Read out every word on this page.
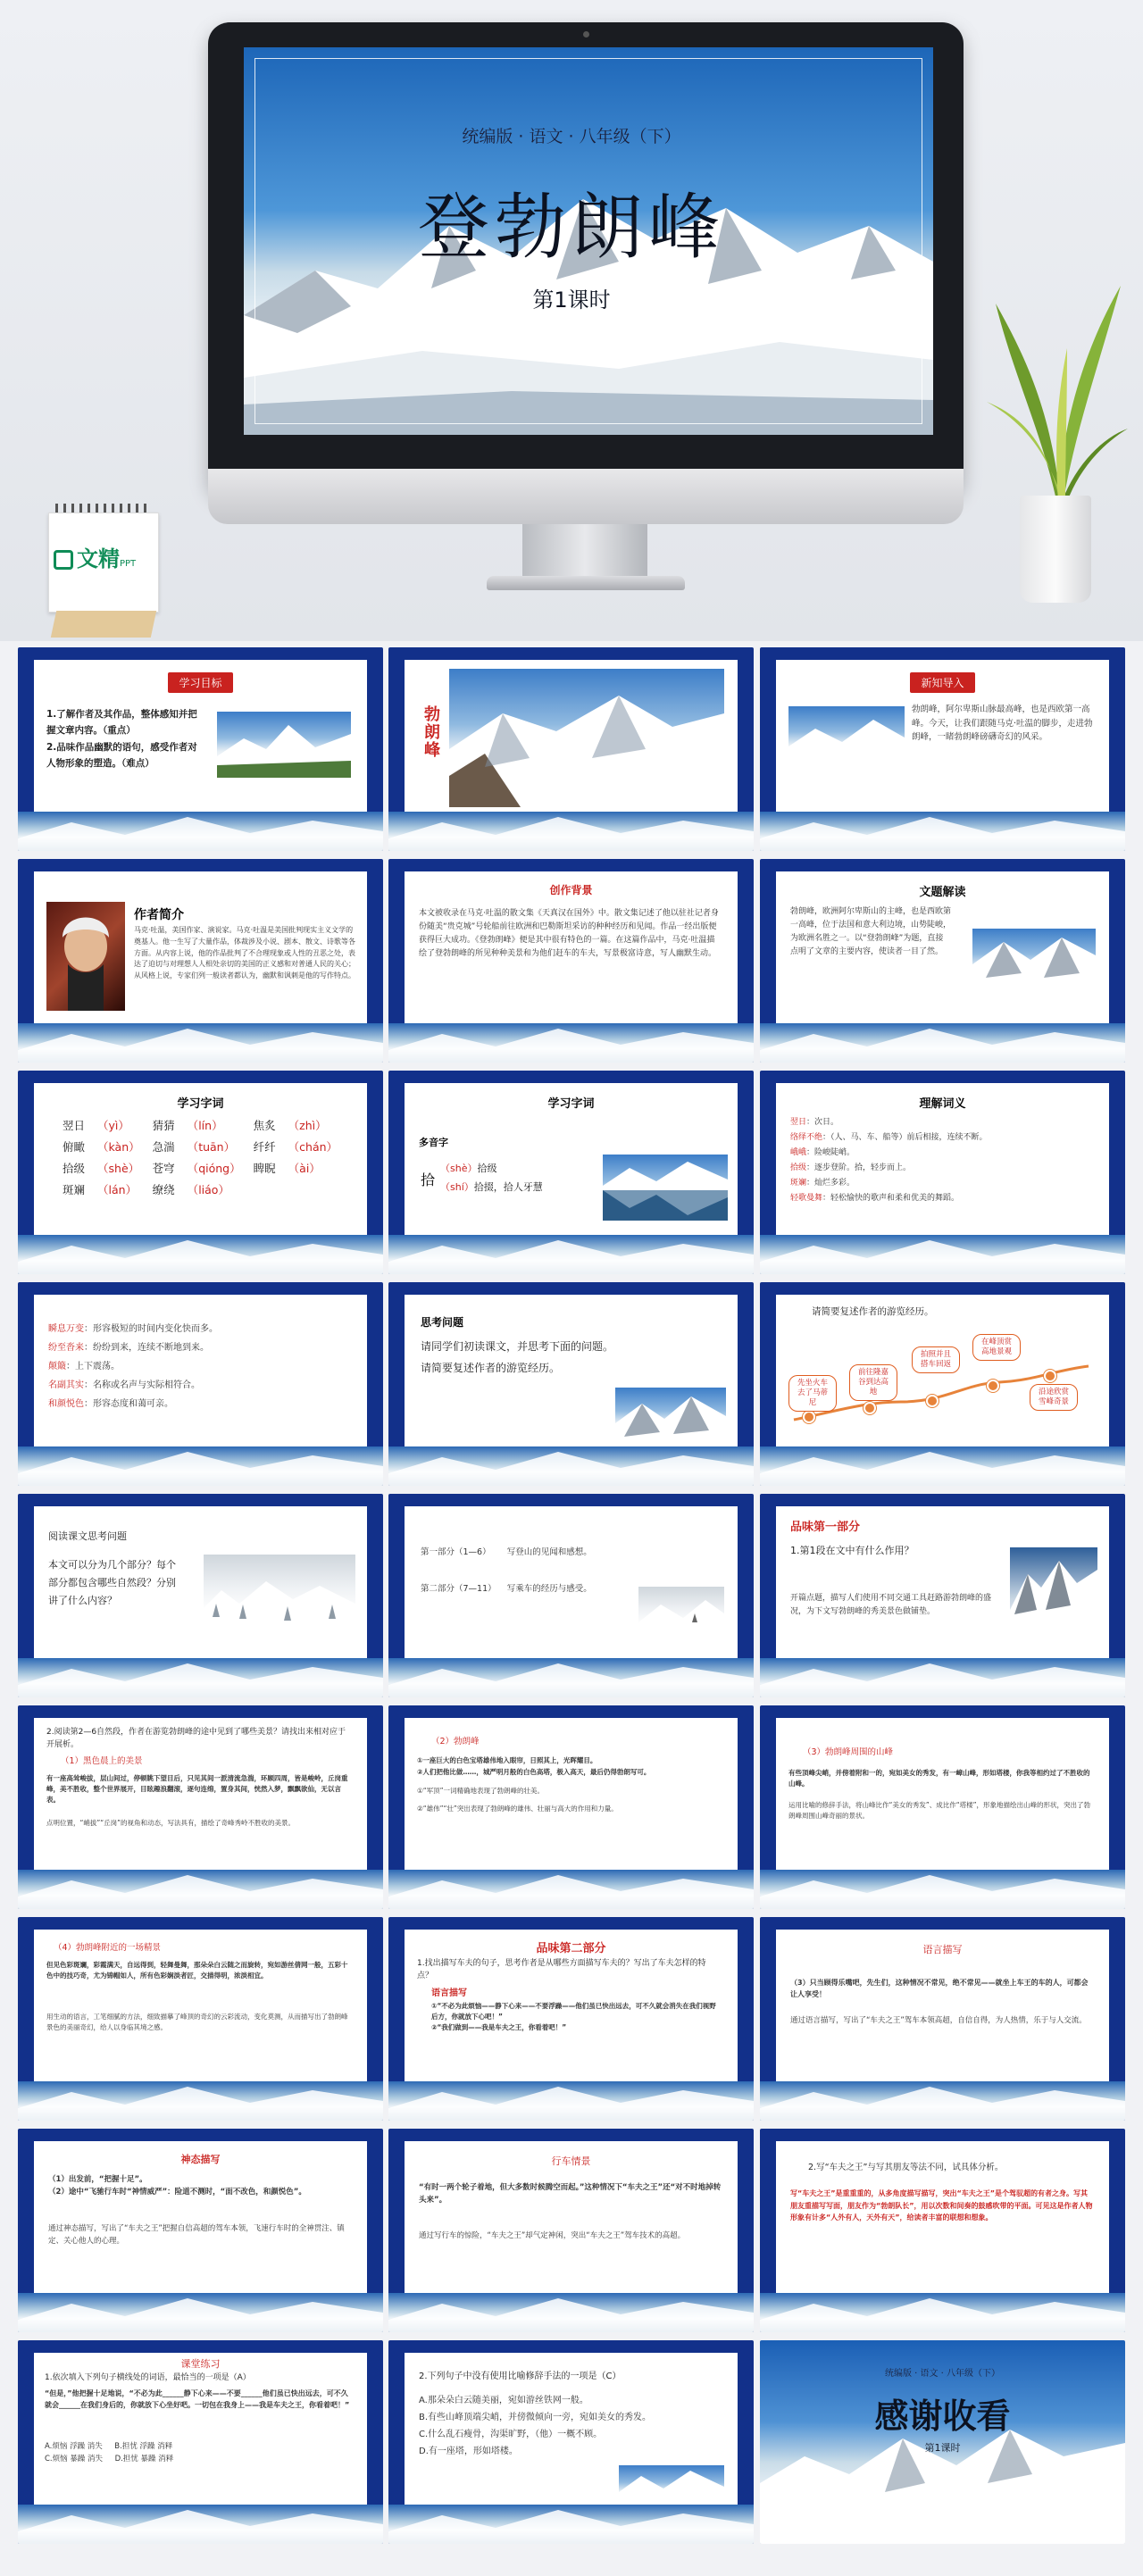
统编版 · 语文 · 八年级（下）
登勃朗峰
第1课时
文精PPT
学习目标
1.了解作者及其作品，整体感知并把握文章内容。（重点）
2.品味作品幽默的语句，感受作者对人物形象的塑造。（难点）
勃朗峰
新知导入
勃朗峰，阿尔卑斯山脉最高峰，也是西欧第一高峰。今天，让我们跟随马克·吐温的脚步，走进勃朗峰，一睹勃朗峰磅礴奇幻的风采。
作者简介
马克·吐温，美国作家、演说家。马克·吐温是美国批判现实主义文学的奠基人。他一生写了大量作品，体裁涉及小说、剧本、散文、诗歌等各方面。从内容上说，他的作品批判了不合理现象或人性的丑恶之处，表达了迫切与对理想人人相处亲切的美国的正义感和对普通人民的关心；从风格上说，专家们列一般读者都认为，幽默和讽刺是他的写作特点。
创作背景
本文被收录在马克·吐温的散文集《天真汉在国外》中。散文集记述了他以驻社记者身份随美“贵克城”号轮船前往欧洲和巴勒斯坦采访的种种经历和见闻。作品一经出版便获得巨大成功。《登勃朗峰》便是其中很有特色的一篇。在这篇作品中，马克·吐温描绘了登勃朗峰的所见种种美景和为他们赶车的车夫，写景极富诗意，写人幽默生动。
文题解读
勃朗峰，欧洲阿尔卑斯山的主峰，也是西欧第一高峰，位于法国和意大利边境，山势陡峻，为欧洲名胜之一。以“登勃朗峰”为题，直接点明了文章的主要内容，使读者一目了然。
学习字词
翌日	（yì）	猜猜	（lín）	焦炙	（zhì）
俯瞰	（kàn）	急湍	（tuān）	纤纤	（chán）
拾级	（shè）	苍穹	（qióng）	睥睨	（ài）
斑斓	（lán）	缭绕	（liáo）		
学习字词
多音字
拾
（shè）拾级
（shí）拾掇，拾人牙慧
理解词义
翌日：次日。
络绎不绝：（人、马、车、船等）前后相接，连续不断。
峨峨：险峻陡峭。
拾级：逐步登阶。拾，轻步而上。
斑斓：灿烂多彩。
轻歌曼舞：轻松愉快的歌声和柔和优美的舞蹈。
瞬息万变：形容极短的时间内变化快而多。
纷至沓来：纷纷到来，连续不断地到来。
颠簸：上下震荡。
名副其实：名称或名声与实际相符合。
和颜悦色：形容态度和蔼可亲。
思考问题
请同学们初读课文，并思考下面的问题。
请简要复述作者的游览经历。
请简要复述作者的游览经历。
先坐火车去了马蒂尼
前往隆嘉谷到达高地
拍照并且搭车回返
在峰顶赏高地景观
沿途欣赏雪峰奇景
阅读课文思考问题
本文可以分为几个部分？每个部分都包含哪些自然段？分别讲了什么内容？
第一部分（1—6） 写登山的见闻和感想。
第二部分（7—11） 写乘车的经历与感受。
品味第一部分
1.第1段在文中有什么作用？
开篇点题，描写人们使用不同交通工具赶路游勃朗峰的盛况，为下文写勃朗峰的秀美景色做铺垫。
2.阅读第2—6自然段，作者在游览勃朗峰的途中见到了哪些美景？请找出来相对应于开展析。
（1）黑色晨上的美景
有一座高耸峻拔，层山间过，停顿眺下望目后，只见其间一派清流急湍，环顾四周，皆是峻岭，丘岗重峰，美不胜收，整个世界展开，目眩趣浪翻滚，逐句连绵，置身其间，恍然入梦，飘飘欲仙，无以言表。
点明位置，“峭拔”“丘岗”的视角和动态，写法具有，描绘了奇峰秀岭不胜收的美景。
（2）勃朗峰
①一座巨大的白色宝塔雄伟地入眼帘，日照其上，光晖耀目。
②人们把他比做……，城严明月般的白色高塔，极入高天，最后仍得勃朗写可。
①“军顶”一词精确地表现了勃朗峰的壮美。
②“雄伟”“壮”突出表现了勃朗峰的雄伟、壮丽与高大的作用和力量。
（3）勃朗峰周围的山峰
有些顶峰尖峭，并傍着附和一的，宛如美女的秀发，有一嶂山峰，形如塔楼，你我等相约过了不胜收的山峰。
运用比喻的修辞手法，将山峰比作“美女的秀发”、成比作“塔楼”，形象地描绘出山峰的形状，突出了勃朗峰周围山峰奇丽的景状。
（4）勃朗峰附近的一场精景
但见色彩斑斓，彩霞满天，自远得到，轻舞曼舞，那朵朵白云随之而旋转，宛如游丝倩网一般，五彩十色中的技巧奇，尤为锦帽如人，所有色彩娴淡者匠，交描得明，浓淡相宜。
用生动的语言，工笔细腻的方法，细致描摹了峰顶的奇幻的云彩流动，变化莫测，从而描写出了勃朗峰景色的美丽奇幻，给人以身临其境之感。
品味第二部分
1.找出描写车夫的句子，思考作者是从哪些方面描写车夫的？写出了车夫怎样的特点？
语言描写
①“不必为此烦恼——静下心来——不要浮躁——他们虽已快出远去，可不久就会消失在我们视野后方，你就放下心吧！”
②“我们做到——我是车夫之王，你看着吧！”
语言描写
（3）只当顾得乐嘴吧，先生们，这种情况不常见，绝不常见——就坐上车王的车的人，可都会让人享受！
通过语言描写，写出了“车夫之王”驾车本领高超，自信自得，为人热情，乐于与人交流。
神态描写
（1）出发前，“把握十足”。
（2）途中“飞驰行车时“神情威严”：险道不测时，“面不改色，和颜悦色”。
通过神态描写，写出了“车夫之王”把握自信高超的驾车本领，飞速行车时的全神贯注、镇定、关心他人的心理。
行车情景
“有时一两个轮子着地，但大多数时候腾空而起。”这种情况下“车夫之王”还“对不时地掉转头来”。
通过写行车的惊险，“车夫之王”却气定神闲，突出“车夫之王”驾车技术的高超。
2.写“车夫之王”与写其朋友等法不同，试具体分析。
写“车夫之王”是重重重的，从多角度描写描写，突出“车夫之王”是个驾驭超的有者之身。写其朋友重描写写面，朋友作为“勃朗队长”，用以次数和间奏的鼓感吹带的平面。可见这是作者人物形象有计多“人外有人，天外有天”，给读者丰富的联想和想象。
课堂练习
1.依次填入下列句子横线处的词语，最恰当的一项是（A）
“但是，”他把握十足地说，“不必为此______静下心来——不要______他们虽已快出远去，可不久就会______在我们身后的，你就放下心坐好吧。一切包在我身上——我是车夫之王，你看着吧！”
A.烦恼 浮躁 消失 B.担忧 浮躁 消释
C.烦恼 暴躁 消失 D.担忧 暴躁 消释
2.下列句子中没有使用比喻修辞手法的一项是（C）
A.那朵朵白云随美丽，宛如游丝铁网一般。
B.有些山峰顶端尖峭，并傍微倾向一旁，宛如美女的秀发。
C.什么乱石瘦骨，沟渠旷野，（他）一概不顾。
D.有一座塔，形如塔楼。
统编版 · 语文 · 八年级（下）
感谢收看
第1课时
